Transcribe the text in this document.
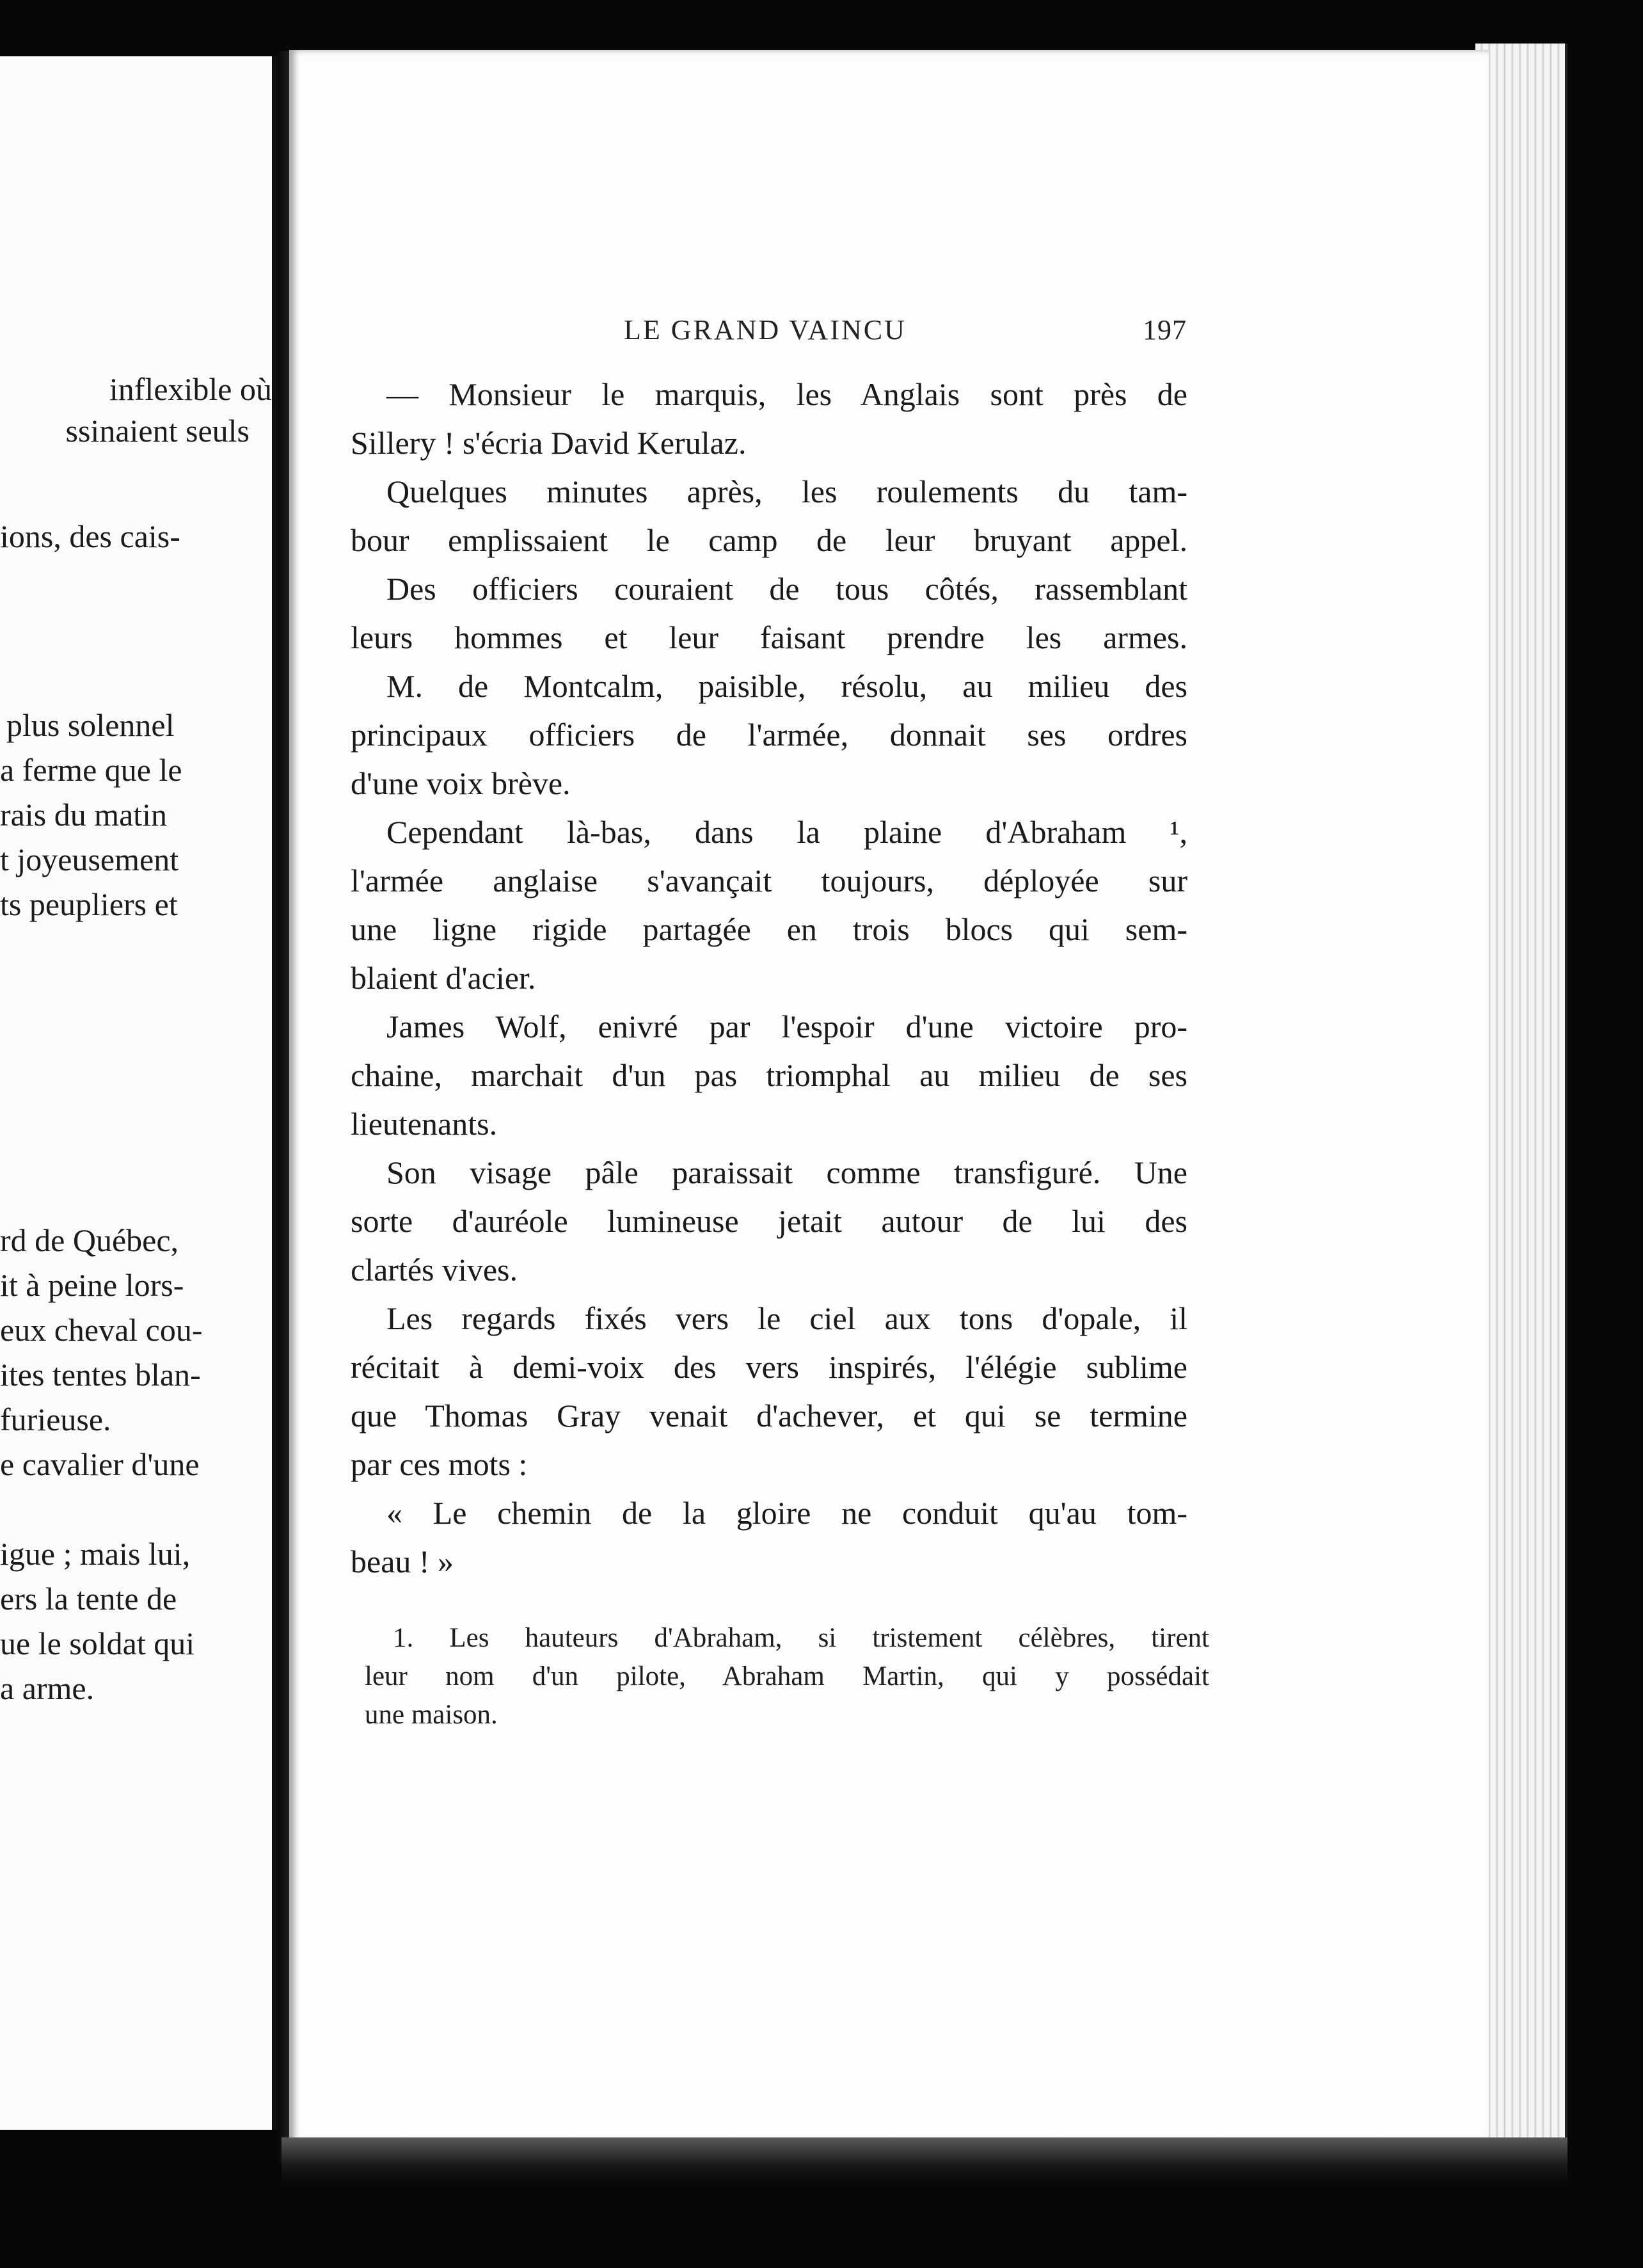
inflexible où
ssinaient seuls
ions, des cais-
plus solennel
a ferme que le
rais du matin
t joyeusement
ts peupliers et
rd de Québec,
it à peine lors-
eux cheval cou-
ites tentes blan-
furieuse.
e cavalier d'une
igue ; mais lui,
ers la tente de
ue le soldat qui
a arme.
LE GRAND VAINCU	197
— Monsieur le marquis, les Anglais sont près de
Sillery ! s'écria David Kerulaz.
Quelques minutes après, les roulements du tam-
bour emplissaient le camp de leur bruyant appel.
Des officiers couraient de tous côtés, rassemblant
leurs hommes et leur faisant prendre les armes.
M. de Montcalm, paisible, résolu, au milieu des
principaux officiers de l'armée, donnait ses ordres
d'une voix brève.
Cependant là-bas, dans la plaine d'Abraham ¹,
l'armée anglaise s'avançait toujours, déployée sur
une ligne rigide partagée en trois blocs qui sem-
blaient d'acier.
James Wolf, enivré par l'espoir d'une victoire pro-
chaine, marchait d'un pas triomphal au milieu de ses
lieutenants.
Son visage pâle paraissait comme transfiguré. Une
sorte d'auréole lumineuse jetait autour de lui des
clartés vives.
Les regards fixés vers le ciel aux tons d'opale, il
récitait à demi-voix des vers inspirés, l'élégie sublime
que Thomas Gray venait d'achever, et qui se termine
par ces mots :
« Le chemin de la gloire ne conduit qu'au tom-
beau ! »
1. Les hauteurs d'Abraham, si tristement célèbres, tirent
leur nom d'un pilote, Abraham Martin, qui y possédait
une maison.
